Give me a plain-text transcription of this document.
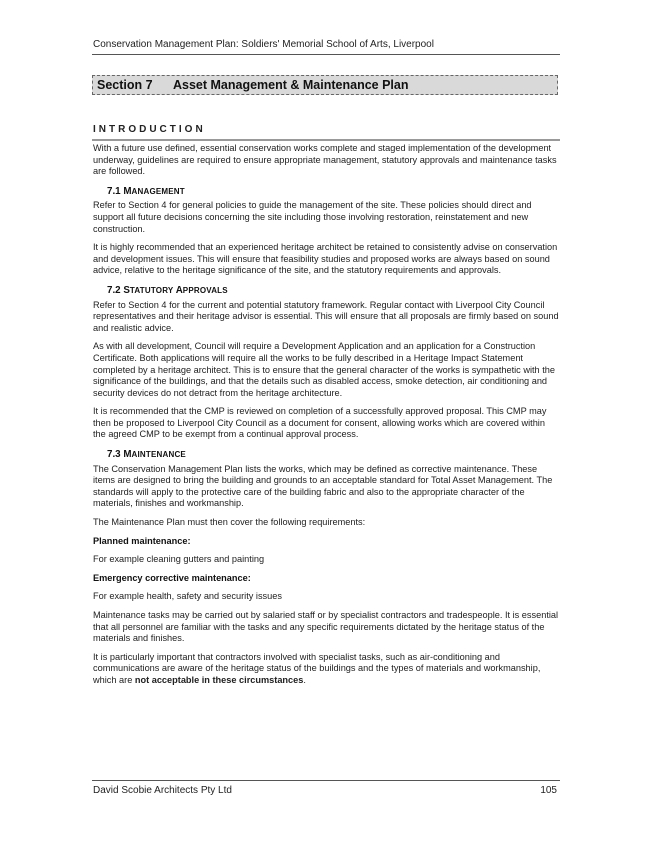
Conservation Management Plan: Soldiers' Memorial School of Arts, Liverpool
Section 7 Asset Management & Maintenance Plan
INTRODUCTION

With a future use defined, essential conservation works complete and staged implementation of the development underway, guidelines are required to ensure appropriate management, statutory approvals and maintenance tasks are followed.

7.1 MANAGEMENT

Refer to Section 4 for general policies to guide the management of the site. These policies should direct and support all future decisions concerning the site including those involving restoration, reinstatement and new construction.

It is highly recommended that an experienced heritage architect be retained to consistently advise on conservation and development issues. This will ensure that feasibility studies and proposed works are always based on sound advice, relative to the heritage significance of the site, and the statutory requirements and approvals.

7.2 STATUTORY APPROVALS

Refer to Section 4 for the current and potential statutory framework. Regular contact with Liverpool City Council representatives and their heritage advisor is essential. This will ensure that all proposals are firmly based on sound and realistic advice.

As with all development, Council will require a Development Application and an application for a Construction Certificate. Both applications will require all the works to be fully described in a Heritage Impact Statement completed by a heritage architect. This is to ensure that the general character of the works is sympathetic with the significance of the buildings, and that the details such as disabled access, smoke detection, air conditioning and security devices do not detract from the heritage architecture.

It is recommended that the CMP is reviewed on completion of a successfully approved proposal. This CMP may then be proposed to Liverpool City Council as a document for consent, allowing works which are covered within the agreed CMP to be exempt from a continual approval process.

7.3 MAINTENANCE

The Conservation Management Plan lists the works, which may be defined as corrective maintenance. These items are designed to bring the building and grounds to an acceptable standard for Total Asset Management. The standards will apply to the protective care of the building fabric and also to the appropriate character of the materials, finishes and workmanship.

The Maintenance Plan must then cover the following requirements:

Planned maintenance:

For example cleaning gutters and painting

Emergency corrective maintenance:

For example health, safety and security issues

Maintenance tasks may be carried out by salaried staff or by specialist contractors and tradespeople. It is essential that all personnel are familiar with the tasks and any specific requirements dictated by the heritage status of the materials and finishes.

It is particularly important that contractors involved with specialist tasks, such as air-conditioning and communications are aware of the heritage status of the buildings and the types of materials and workmanship, which are not acceptable in these circumstances.

David Scobie Architects Pty Ltd	105
